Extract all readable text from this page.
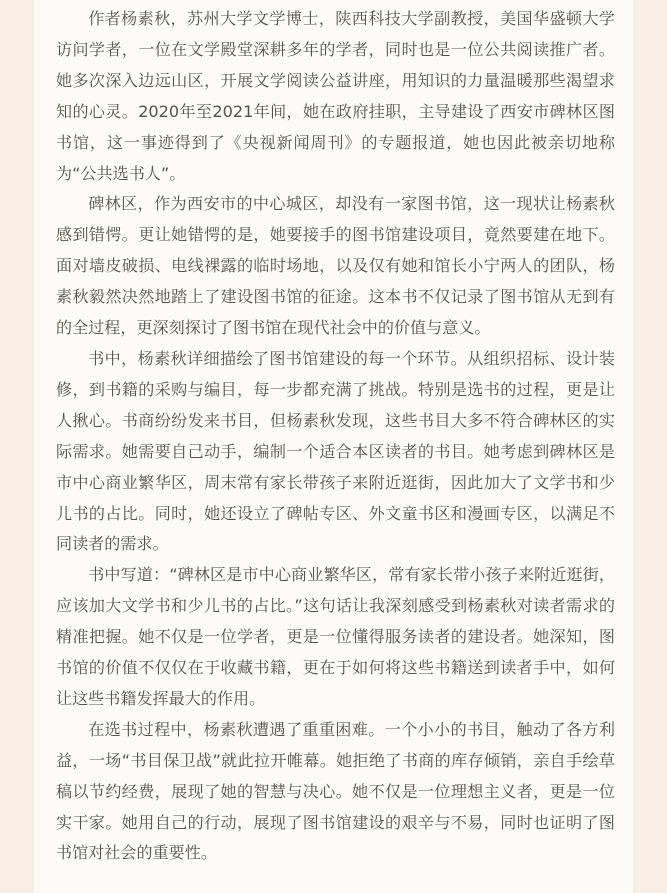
作者杨素秋，苏州大学文学博士，陕西科技大学副教授，美国华盛顿大学访问学者，一位在文学殿堂深耕多年的学者，同时也是一位公共阅读推广者。她多次深入边远山区，开展文学阅读公益讲座，用知识的力量温暖那些渴望求知的心灵。2020年至2021年间，她在政府挂职，主导建设了西安市碑林区图书馆，这一事迹得到了《央视新闻周刊》的专题报道，她也因此被亲切地称为“公共选书人”。

碑林区，作为西安市的中心城区，却没有一家图书馆，这一现状让杨素秋感到错愕。更让她错愕的是，她要接手的图书馆建设项目，竟然要建在地下。面对墙皮破损、电线裸露的临时场地，以及仅有她和馆长小宁两人的团队，杨素秋毅然决然地踏上了建设图书馆的征途。这本书不仅记录了图书馆从无到有的全过程，更深刻探讨了图书馆在现代社会中的价值与意义。

书中，杨素秋详细描绘了图书馆建设的每一个环节。从组织招标、设计装修，到书籍的采购与编目，每一步都充满了挑战。特别是选书的过程，更是让人揪心。书商纷纷发来书目，但杨素秋发现，这些书目大多不符合碑林区的实际需求。她需要自己动手，编制一个适合本区读者的书目。她考虑到碑林区是市中心商业繁华区，周末常有家长带孩子来附近逛街，因此加大了文学书和少儿书的占比。同时，她还设立了碑帖专区、外文童书区和漫画专区，以满足不同读者的需求。

书中写道：“碑林区是市中心商业繁华区，常有家长带小孩子来附近逛街，应该加大文学书和少儿书的占比。”这句话让我深刻感受到杨素秋对读者需求的精准把握。她不仅是一位学者，更是一位懂得服务读者的建设者。她深知，图书馆的价值不仅仅在于收藏书籍，更在于如何将这些书籍送到读者手中，如何让这些书籍发挥最大的作用。

在选书过程中，杨素秋遭遇了重重困难。一个小小的书目，触动了各方利益，一场“书目保卫战”就此拉开帷幕。她拒绝了书商的库存倾销，亲自手绘草稿以节约经费，展现了她的智慧与决心。她不仅是一位理想主义者，更是一位实干家。她用自己的行动，展现了图书馆建设的艰辛与不易，同时也证明了图书馆对社会的重要性。
